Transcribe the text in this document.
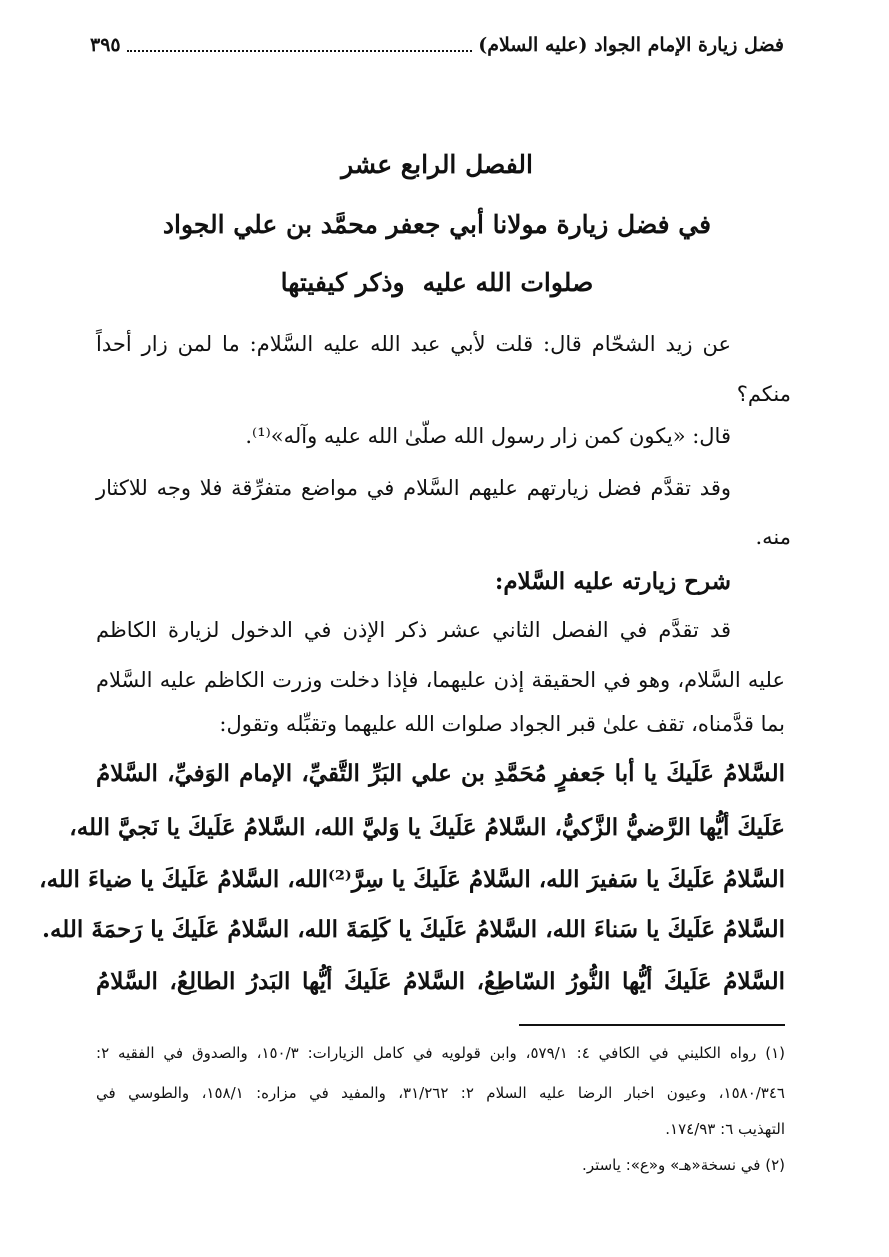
فضل زيارة الإمام الجواد (عليه السلام)
٣٩٥
الفصل الرابع عشر
في فضل زيارة مولانا أبي جعفر محمَّد بن علي الجواد
صلوات الله عليهوذكر كيفيتها
عن زيد الشحّام قال: قلت لأبي عبد الله عليه السَّلام: ما لمن زار أحداً
منكم؟
قال: «يكون كمن زار رسول الله صلّىٰ الله عليه وآله»⁽¹⁾.
وقد تقدَّم فضل زيارتهم عليهم السَّلام في مواضع متفرِّقة فلا وجه للاكثار
منه.
شرح زيارته عليه السَّلام:
قد تقدَّم في الفصل الثاني عشر ذكر الإذن في الدخول لزيارة الكاظم
عليه السَّلام، وهو في الحقيقة إذن عليهما، فإذا دخلت وزرت الكاظم عليه السَّلام
بما قدَّمناه، تقف علىٰ قبر الجواد صلوات الله عليهما وتقبِّله وتقول:
السَّلامُ عَلَيكَ يا أبا جَعفرٍ مُحَمَّدِ بن علي البَرِّ التَّقيِّ، الإمام الوَفيِّ، السَّلامُ
عَلَيكَ أيُّها الرَّضيُّ الزَّكيُّ، السَّلامُ عَلَيكَ يا وَليَّ الله، السَّلامُ عَلَيكَ يا نَجيَّ الله،
السَّلامُ عَلَيكَ يا سَفيرَ الله، السَّلامُ عَلَيكَ يا سِرَّ⁽²⁾الله، السَّلامُ عَلَيكَ يا ضياءَ الله،
السَّلامُ عَلَيكَ يا سَناءَ الله، السَّلامُ عَلَيكَ يا كَلِمَةَ الله، السَّلامُ عَلَيكَ يا رَحمَةَ الله.
السَّلامُ عَلَيكَ أيُّها النُّورُ السّاطِعُ، السَّلامُ عَلَيكَ أيُّها البَدرُ الطالِعُ، السَّلامُ
(١) رواه الكليني في الكافي ٤: ٥٧٩/١، وابن قولويه في كامل الزيارات: ١٥٠/٣، والصدوق في الفقيه ٢:
١٥٨٠/٣٤٦، وعيون اخبار الرضا عليه السلام ٢: ٣١/٢٦٢، والمفيد في مزاره: ١٥٨/١، والطوسي في
التهذيب ٦: ١٧٤/٩٣.
(٢) في نسخة«هـ» و«ع»: ياستر.
